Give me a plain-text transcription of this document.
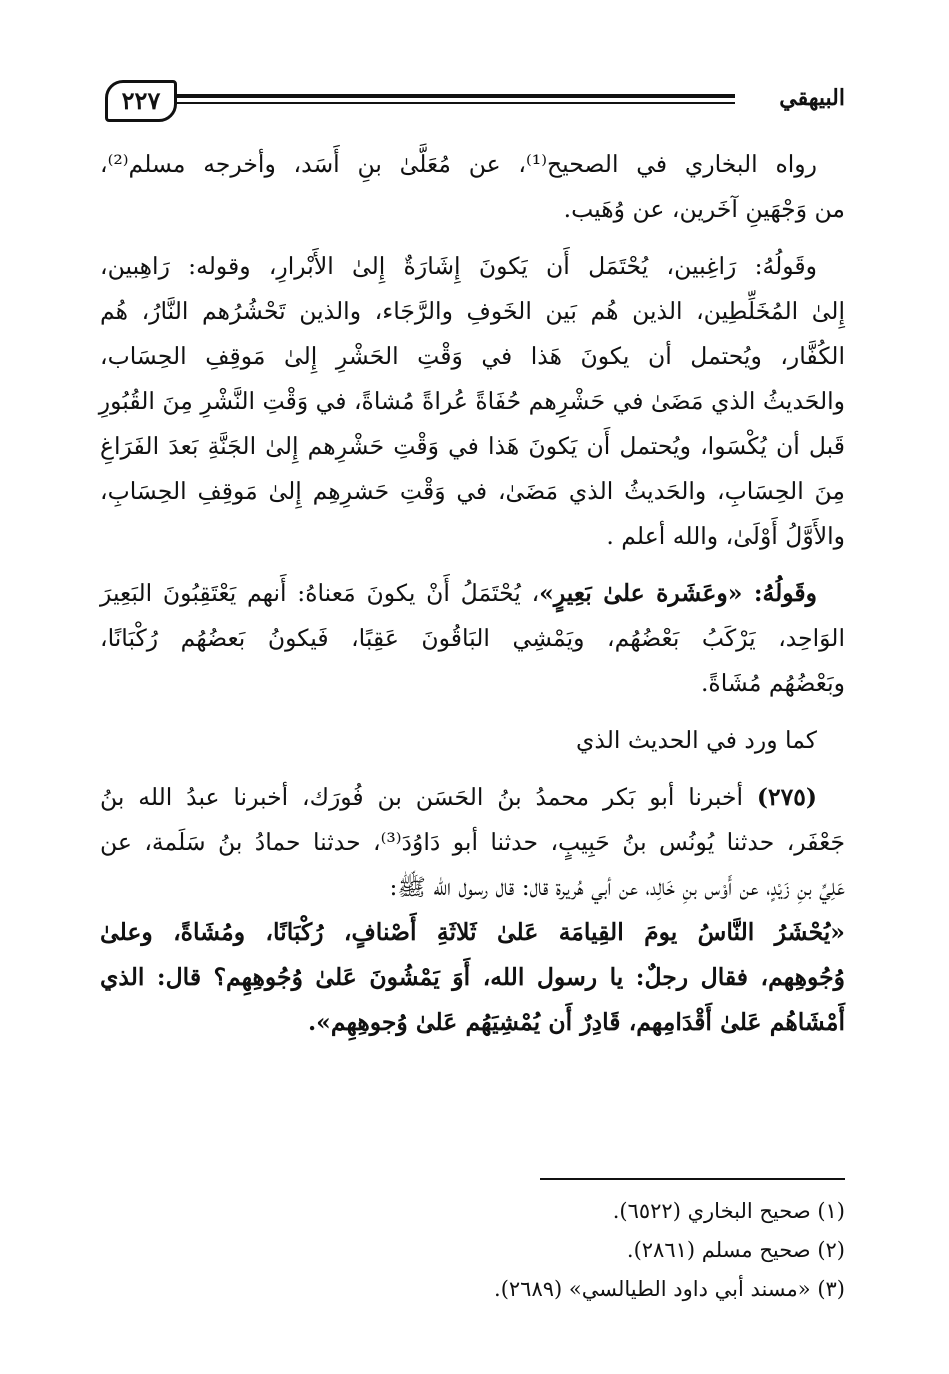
٢٢٧	البيهقي
رواه البخاري في الصحيح⁽¹⁾، عن مُعَلَّىٰ بنِ أَسَد، وأخرجه مسلم⁽²⁾،
من وَجْهَينِ آخَرين، عن وُهَيب.
وقَولُهُ: رَاغِبين، يُحْتَمَل أَن يَكونَ إِشَارَةٌ إِلىٰ الأَبْرارِ، وقوله: رَاهِبين،
إِلىٰ المُخَلِّطِين، الذين هُم بَين الخَوفِ والرَّجَاء، والذين تَحْشُرُهم النَّارُ، هُم
الكُفَّار، ويُحتمل أن يكونَ هَذا في وَقْتِ الحَشْرِ إِلىٰ مَوقِفِ الحِسَاب،
والحَديثُ الذي مَضَىٰ في حَشْرِهم حُفَاةً عُراةً مُشاةً، في وَقْتِ النَّشْرِ مِنَ القُبُورِ
قَبل أن يُكْسَوا، ويُحتمل أَن يَكونَ هَذا في وَقْتِ حَشْرِهم إِلىٰ الجَنَّةِ بَعدَ الفَرَاغِ
مِنَ الحِسَابِ، والحَديثُ الذي مَضَىٰ، في وَقْتِ حَشرِهِم إِلىٰ مَوقِفِ الحِسَابِ،
والأَوَّلُ أَوْلَىٰ، والله أعلم .
وقَولُهُ: «وعَشَرة علىٰ بَعِيرٍ»، يُحْتَمَلُ أَنْ يكونَ مَعناهُ: أَنهم يَعْتَقِبُونَ البَعِيرَ
الوَاحِد، يَرْكَبُ بَعْضُهُم، ويَمْشِي البَاقُونَ عَقِبًا، فَيكونُ بَعضُهُم رُكْبَانًا،
وبَعْضُهُم مُشَاةً.
كما ورد في الحديث الذي
(٢٧٥) أخبرنا أبو بَكر محمدُ بنُ الحَسَن بن فُورَك، أخبرنا عبدُ الله بنُ
جَعْفَر، حدثنا يُونُس بنُ حَبِيبٍ، حدثنا أبو دَاوُدَ⁽³⁾، حدثنا حمادُ بنُ سَلَمة، عن
عَلِيِّ بنِ زَيْدٍ، عن أَوْس بنِ خَالِد، عن أبي هُريرة قال: قال رسول الله ﷺ:
«يُحْشَرُ النَّاسُ يومَ القِيامَة عَلىٰ ثَلاثَةِ أَصْنافٍ، رُكْبَانًا، ومُشَاةً، وعلىٰ
وُجُوهِهم، فقال رجلٌ: يا رسول الله، أَوَ يَمْشُونَ عَلىٰ وُجُوهِهِم؟ قال: الذي
أَمْشَاهُم عَلىٰ أَقْدَامِهم، قَادِرٌ أَن يُمْشِيَهُم عَلىٰ وُجوهِهِم».
(١) صحيح البخاري (٦٥٢٢).
(٢) صحيح مسلم (٢٨٦١).
(٣) «مسند أبي داود الطيالسي» (٢٦٨٩).
